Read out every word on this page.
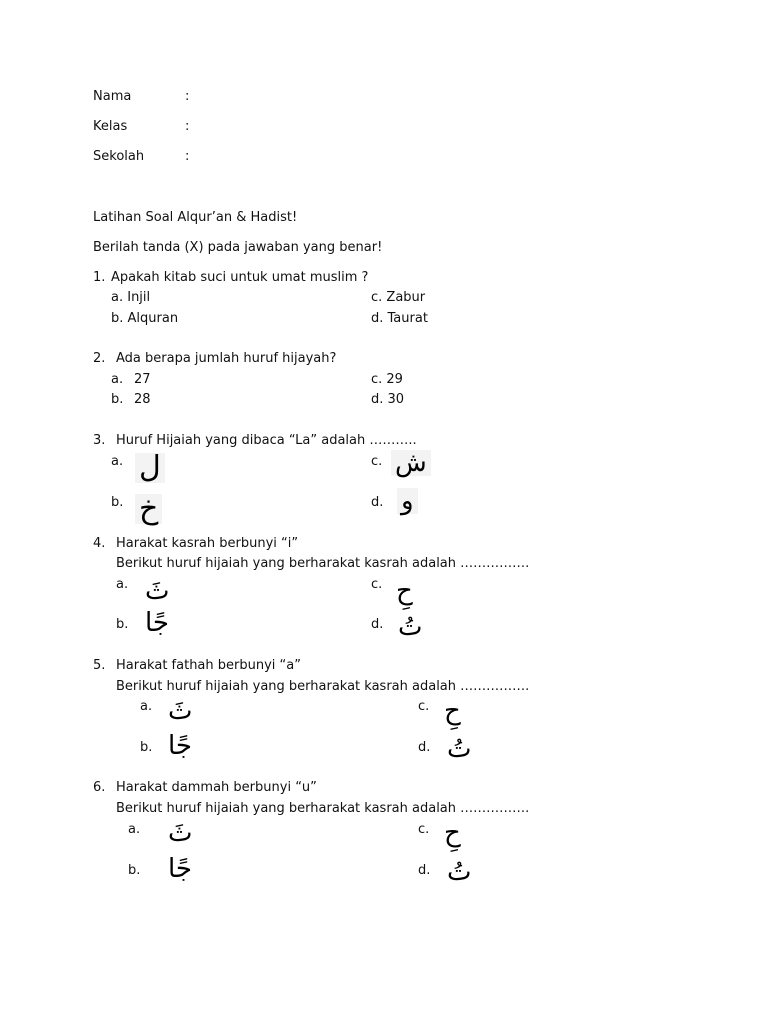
Nama	:
Kelas	:
Sekolah	:
Latihan Soal Alqur’an & Hadist!
Berilah tanda (X) pada jawaban yang benar!
1. Apakah kitab suci untuk umat muslim ?
a. Injil
b. Alquran
c. Zabur
d. Taurat
2. Ada berapa jumlah huruf hijayah?
a. 27
b. 28
c. 29
d. 30
3. Huruf Hijaiah yang dibaca “La” adalah ………..
a. ل
b. خ
c. ش
d. و
4. Harakat kasrah berbunyi “i”
Berikut huruf hijaiah yang berharakat kasrah adalah …………….
a. ثَ
b. جًا
c. حِ
d. تُ
5. Harakat fathah berbunyi “a”
Berikut huruf hijaiah yang berharakat kasrah adalah …………….
a. ثَ
b. جًا
c. حِ
d. تُ
6. Harakat dammah berbunyi “u”
Berikut huruf hijaiah yang berharakat kasrah adalah …………….
a. ثَ
b. جًا
c. حِ
d. تُ
